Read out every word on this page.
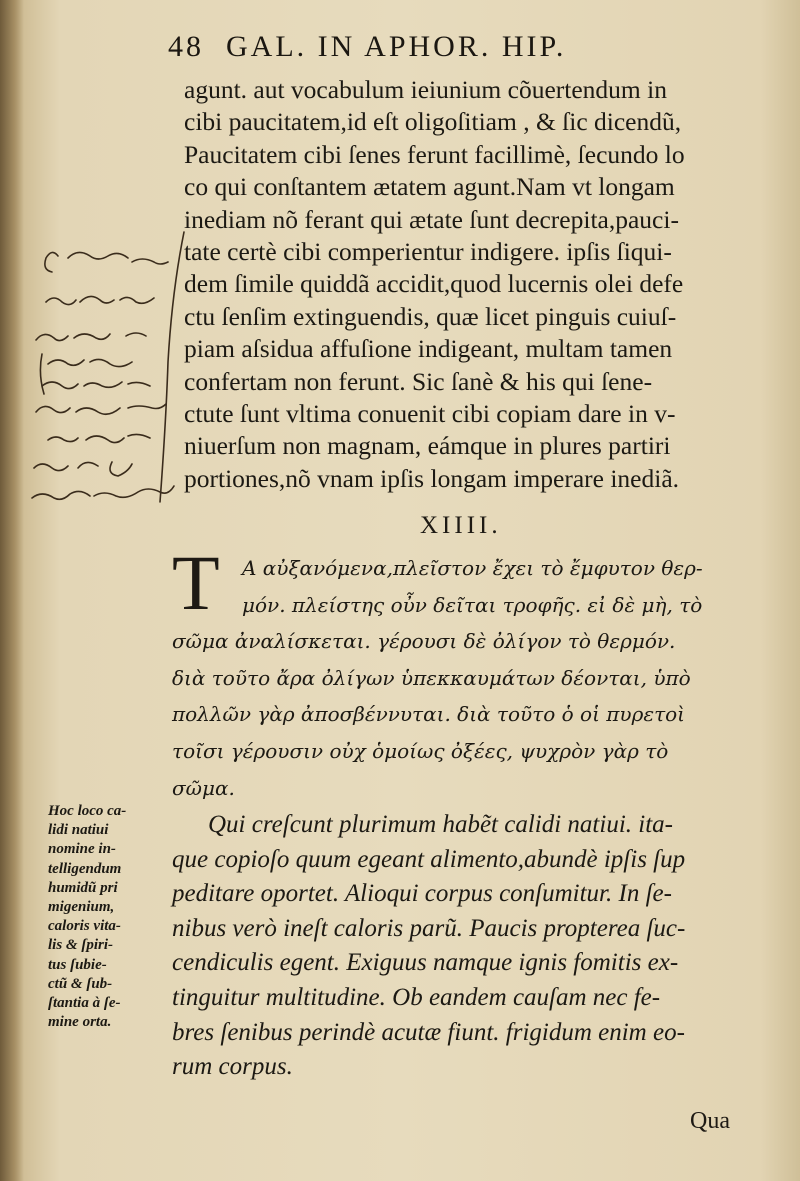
48 GAL. IN APHOR. HIP.
agunt. aut vocabulum ieiunium cõuertendum in
cibi paucitatem,id eſt oligoſitiam , & ſic dicendũ,
Paucitatem cibi ſenes ferunt facillimè, ſecundo lo
co qui conſtantem ætatem agunt.Nam vt longam
inediam nõ ferant qui ætate ſunt decrepita,pauci-
tate certè cibi comperientur indigere. ipſis ſiqui-
dem ſimile quiddã accidit,quod lucernis olei defe
ctu ſenſim extinguendis, quæ licet pinguis cuiuſ-
piam aſsidua affuſione indigeant, multam tamen
confertam non ferunt. Sic ſanè & his qui ſene-
ctute ſunt vltima conuenit cibi copiam dare in v-
niuerſum non magnam, eámque in plures partiri
portiones,nõ vnam ipſis longam imperare inediã.
XIIII.
T	Α αὐξανόμενα,πλεῖστον ἔχει τὸ ἔμφυτον θερ-
μόν. πλείστης οὖν δεῖται τροφῆς. εἰ δὲ μὴ, τὸ
σῶμα ἀναλίσκεται. γέρουσι δὲ ὀλίγον τὸ θερμόν.
διὰ τοῦτο ἄρα ὀλίγων ὑπεκκαυμάτων δέονται, ὑπὸ
πολλῶν γὰρ ἀποσβέννυται. διὰ τοῦτο ὁ οἱ πυρετοὶ
τοῖσι γέρουσιν οὐχ ὁμοίως ὀξέες, ψυχρὸν γὰρ τὸ
σῶμα.
Hoc loco ca-
lidi natiui
nomine in-
telligendum
humidũ pri
migenium,
caloris vita-
lis & ſpiri-
tus ſubie-
ctũ & ſub-
ſtantia à ſe-
mine orta.
Qui creſcunt plurimum habẽt calidi natiui. ita-
que copioſo quum egeant alimento,abundè ipſis ſup
peditare oportet. Alioqui corpus conſumitur. In ſe-
nibus verò ineſt caloris parũ. Paucis propterea ſuc-
cendiculis egent. Exiguus namque ignis fomitis ex-
tinguitur multitudine. Ob eandem cauſam nec fe-
bres ſenibus perindè acutæ fiunt. frigidum enim eo-
rum corpus.
Qua
